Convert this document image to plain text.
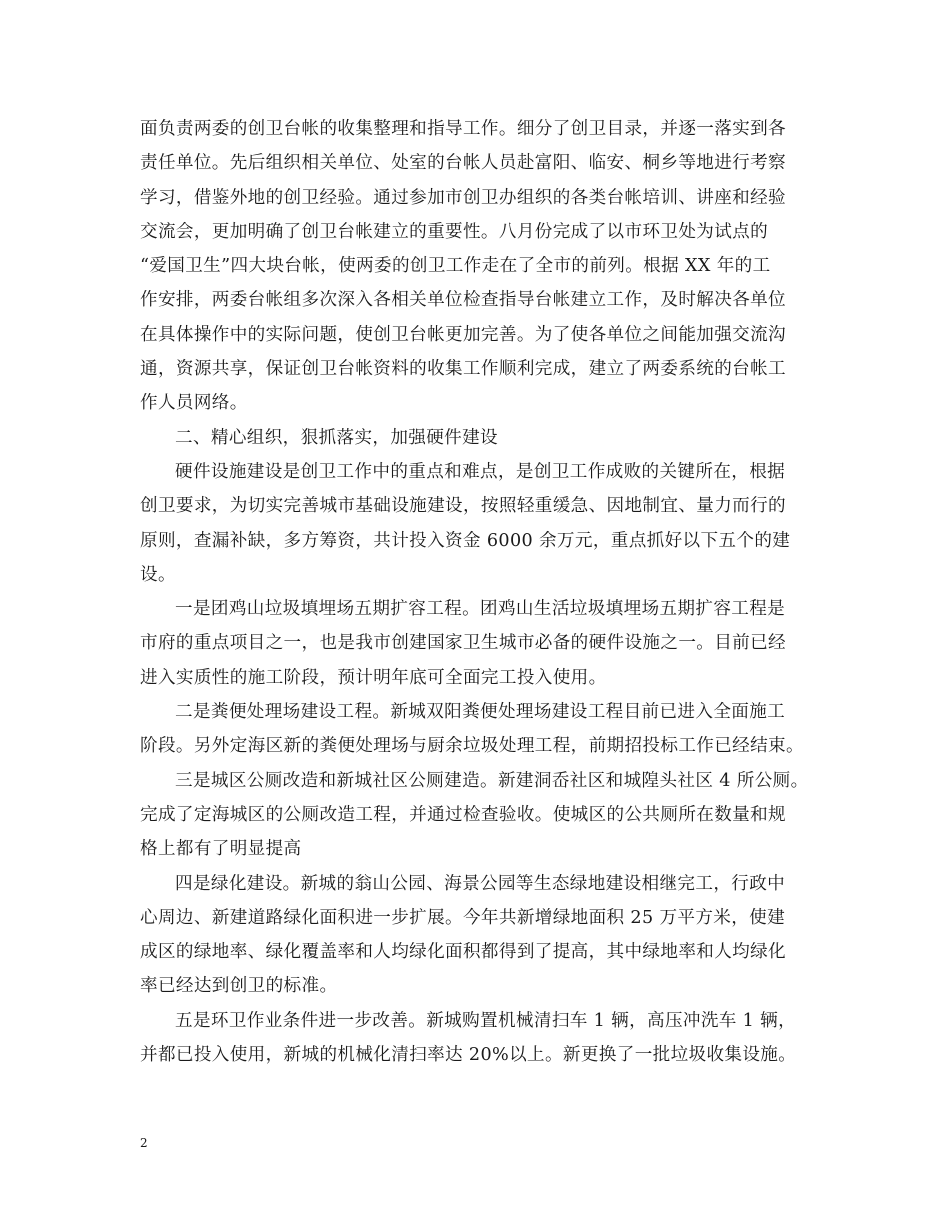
面负责两委的创卫台帐的收集整理和指导工作。细分了创卫目录，并逐一落实到各
责任单位。先后组织相关单位、处室的台帐人员赴富阳、临安、桐乡等地进行考察
学习，借鉴外地的创卫经验。通过参加市创卫办组织的各类台帐培训、讲座和经验
交流会，更加明确了创卫台帐建立的重要性。八月份完成了以市环卫处为试点的
“爱国卫生”四大块台帐，使两委的创卫工作走在了全市的前列。根据 XX 年的工
作安排，两委台帐组多次深入各相关单位检查指导台帐建立工作，及时解决各单位
在具体操作中的实际问题，使创卫台帐更加完善。为了使各单位之间能加强交流沟
通，资源共享，保证创卫台帐资料的收集工作顺利完成，建立了两委系统的台帐工
作人员网络。
二、精心组织，狠抓落实，加强硬件建设
硬件设施建设是创卫工作中的重点和难点，是创卫工作成败的关键所在，根据
创卫要求，为切实完善城市基础设施建设，按照轻重缓急、因地制宜、量力而行的
原则，查漏补缺，多方筹资，共计投入资金 6000 余万元，重点抓好以下五个的建
设。
一是团鸡山垃圾填埋场五期扩容工程。团鸡山生活垃圾填埋场五期扩容工程是
市府的重点项目之一，也是我市创建国家卫生城市必备的硬件设施之一。目前已经
进入实质性的施工阶段，预计明年底可全面完工投入使用。
二是粪便处理场建设工程。新城双阳粪便处理场建设工程目前已进入全面施工
阶段。另外定海区新的粪便处理场与厨余垃圾处理工程，前期招投标工作已经结束。
三是城区公厕改造和新城社区公厕建造。新建洞岙社区和城隍头社区 4 所公厕。
完成了定海城区的公厕改造工程，并通过检查验收。使城区的公共厕所在数量和规
格上都有了明显提高
四是绿化建设。新城的翁山公园、海景公园等生态绿地建设相继完工，行政中
心周边、新建道路绿化面积进一步扩展。今年共新增绿地面积 25 万平方米，使建
成区的绿地率、绿化覆盖率和人均绿化面积都得到了提高，其中绿地率和人均绿化
率已经达到创卫的标准。
五是环卫作业条件进一步改善。新城购置机械清扫车 1 辆，高压冲洗车 1 辆，
并都已投入使用，新城的机械化清扫率达 20%以上。新更换了一批垃圾收集设施。
2
